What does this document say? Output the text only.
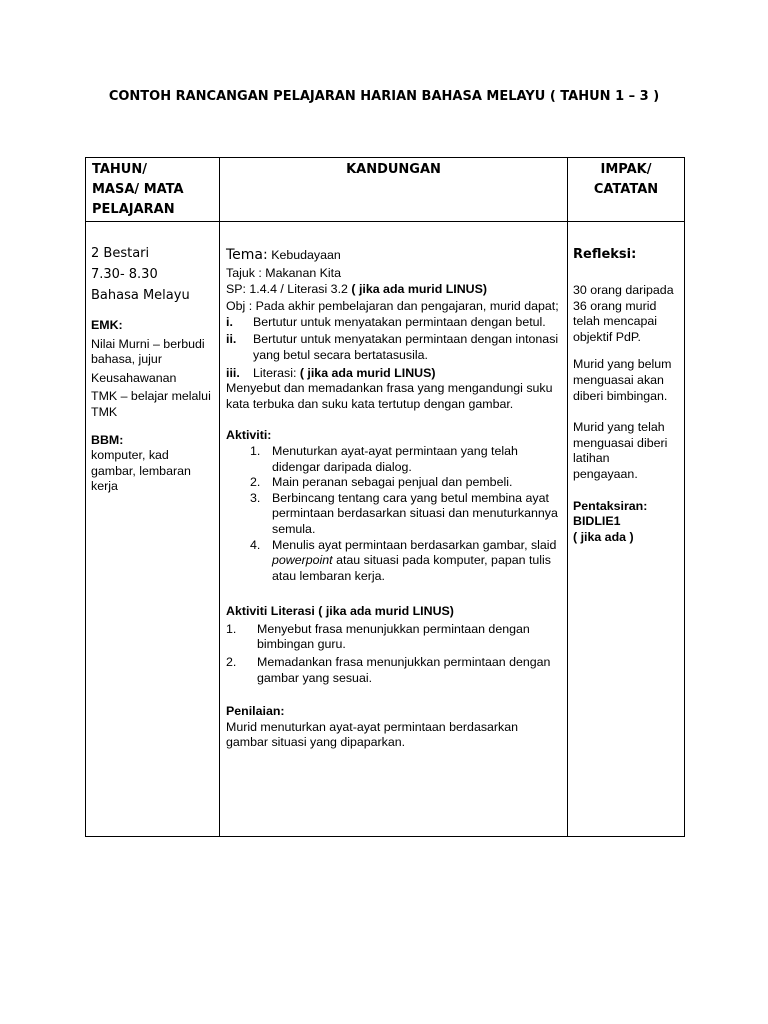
CONTOH RANCANGAN PELAJARAN HARIAN BAHASA MELAYU ( TAHUN 1 – 3 )
TAHUN/
MASA/ MATA
PELAJARAN
KANDUNGAN	IMPAK/
CATATAN
2 Bestari
7.30- 8.30
Bahasa Melayu
EMK:
Nilai Murni – berbudi bahasa, jujur
Keusahawanan
TMK – belajar melalui TMK
BBM:
komputer, kad gambar, lembaran kerja
Tema: Kebudayaan
Tajuk : Makanan Kita
SP: 1.4.4 / Literasi 3.2 ( jika ada murid LINUS)
Obj : Pada akhir pembelajaran dan pengajaran, murid dapat;
i. Bertutur untuk menyatakan permintaan dengan betul.
ii. Bertutur untuk menyatakan permintaan dengan intonasi yang betul secara bertatasusila.
iii. Literasi: ( jika ada murid LINUS)
Menyebut dan memadankan frasa yang mengandungi suku kata terbuka dan suku kata tertutup dengan gambar.
Aktiviti:
1. Menuturkan ayat-ayat permintaan yang telah didengar daripada dialog.
2. Main peranan sebagai penjual dan pembeli.
3. Berbincang tentang cara yang betul membina ayat permintaan berdasarkan situasi dan menuturkannya semula.
4. Menulis ayat permintaan berdasarkan gambar, slaid powerpoint atau situasi pada komputer, papan tulis atau lembaran kerja.
Aktiviti Literasi ( jika ada murid LINUS)
1. Menyebut frasa menunjukkan permintaan dengan bimbingan guru.
2. Memadankan frasa menunjukkan permintaan dengan gambar yang sesuai.
Penilaian:
Murid menuturkan ayat-ayat permintaan berdasarkan gambar situasi yang dipaparkan.
Refleksi:
30 orang daripada 36 orang murid telah mencapai objektif PdP.
Murid yang belum menguasai akan diberi bimbingan.
Murid yang telah menguasai diberi latihan pengayaan.
Pentaksiran:
BIDLIE1
( jika ada )
